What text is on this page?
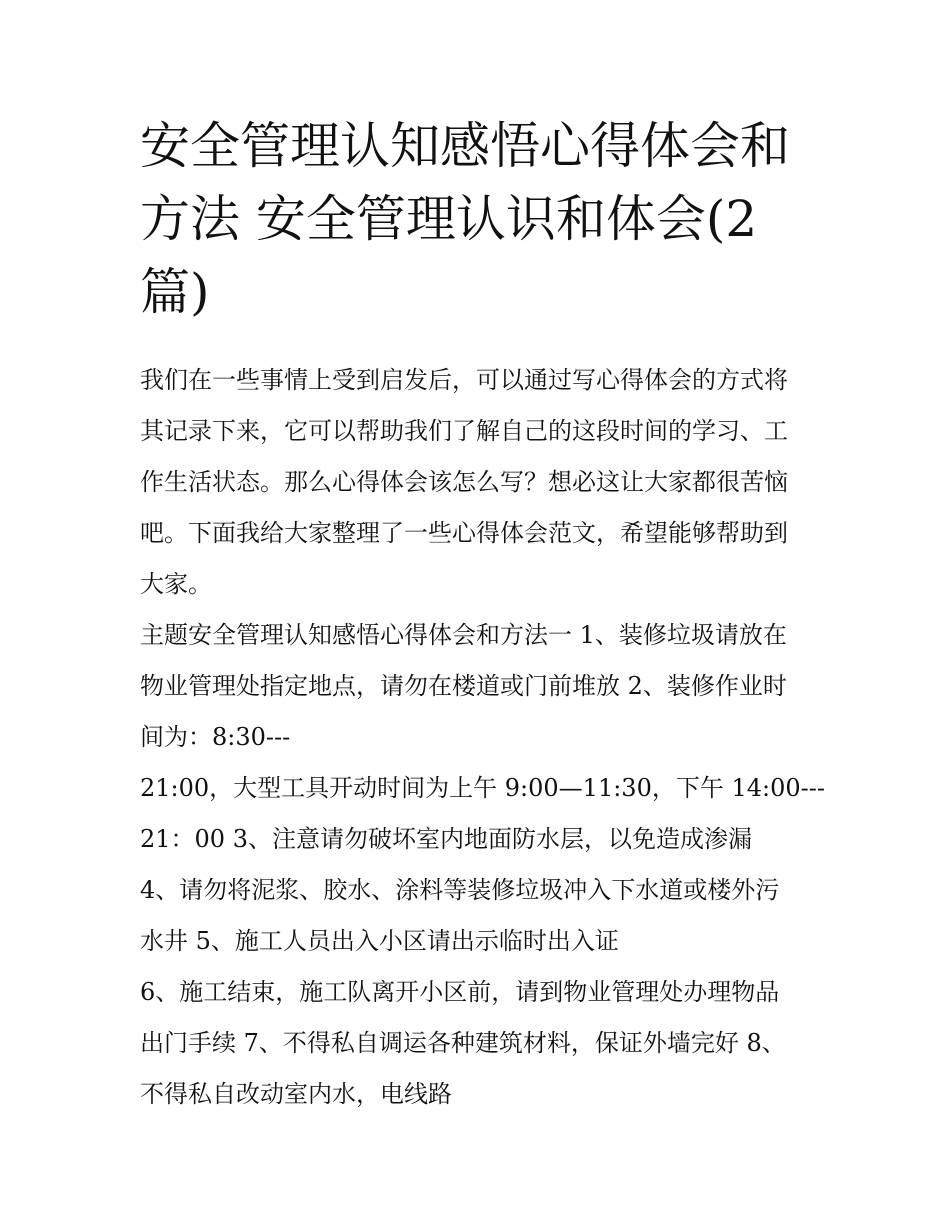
安全管理认知感悟心得体会和
方法 安全管理认识和体会(2
篇)

我们在一些事情上受到启发后，可以通过写心得体会的方式将
其记录下来，它可以帮助我们了解自己的这段时间的学习、工
作生活状态。那么心得体会该怎么写？想必这让大家都很苦恼
吧。下面我给大家整理了一些心得体会范文，希望能够帮助到
大家。

主题安全管理认知感悟心得体会和方法一 1、装修垃圾请放在
物业管理处指定地点，请勿在楼道或门前堆放 2、装修作业时
间为：8:30---

21:00，大型工具开动时间为上午 9:00—11:30，下午 14:00---
21：00 3、注意请勿破坏室内地面防水层，以免造成渗漏
4、请勿将泥浆、胶水、涂料等装修垃圾冲入下水道或楼外污
水井 5、施工人员出入小区请出示临时出入证
6、施工结束，施工队离开小区前，请到物业管理处办理物品
出门手续 7、不得私自调运各种建筑材料，保证外墙完好 8、
不得私自改动室内水，电线路
